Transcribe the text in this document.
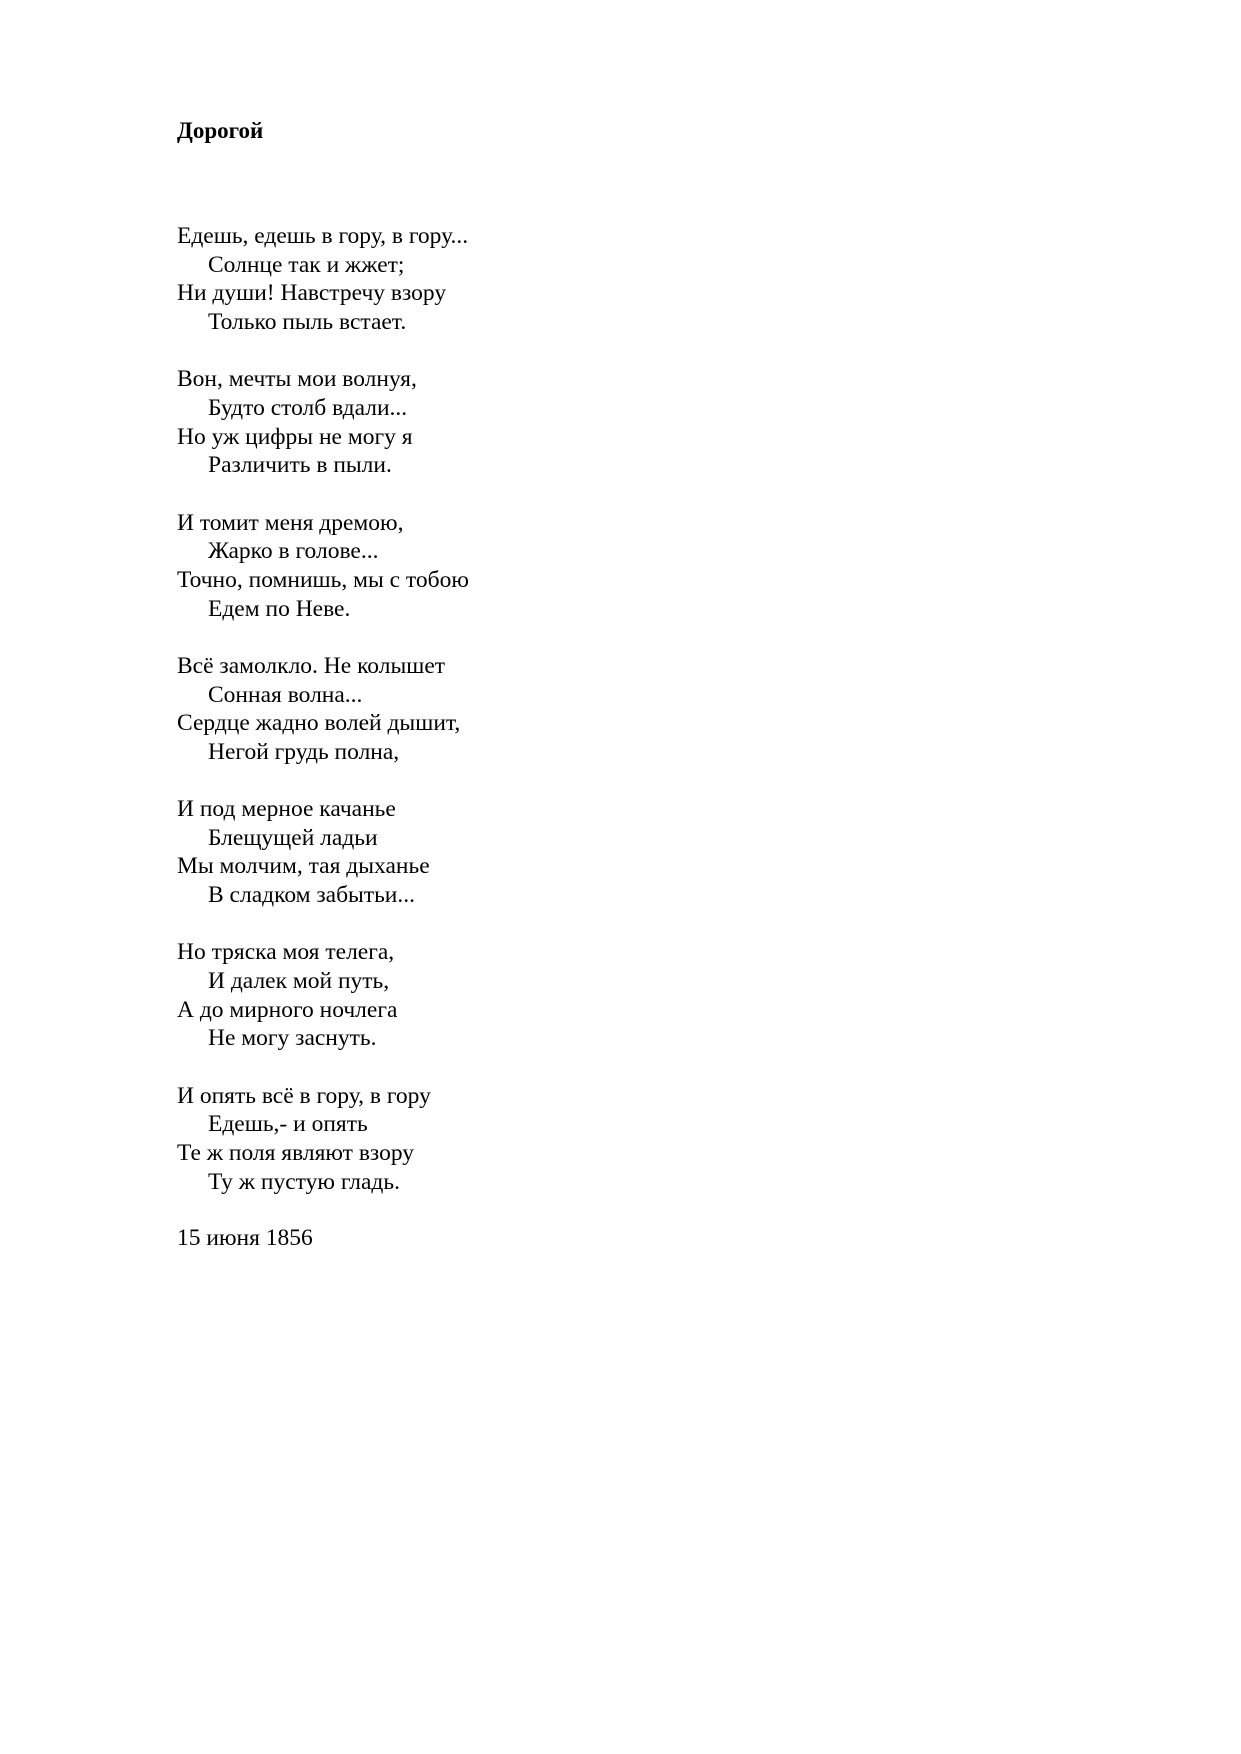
Дорогой
Едешь, едешь в гору, в гору...
Солнце так и жжет;
Ни души! Навстречу взору
Только пыль встает.
Вон, мечты мои волнуя,
Будто столб вдали...
Но уж цифры не могу я
Различить в пыли.
И томит меня дремою,
Жарко в голове...
Точно, помнишь, мы с тобою
Едем по Неве.
Всё замолкло. Не колышет
Сонная волна...
Сердце жадно волей дышит,
Негой грудь полна,
И под мерное качанье
Блещущей ладьи
Мы молчим, тая дыханье
В сладком забытьи...
Но тряска моя телега,
И далек мой путь,
А до мирного ночлега
Не могу заснуть.
И опять всё в гору, в гору
Едешь,- и опять
Те ж поля являют взору
Ту ж пустую гладь.
15 июня 1856
